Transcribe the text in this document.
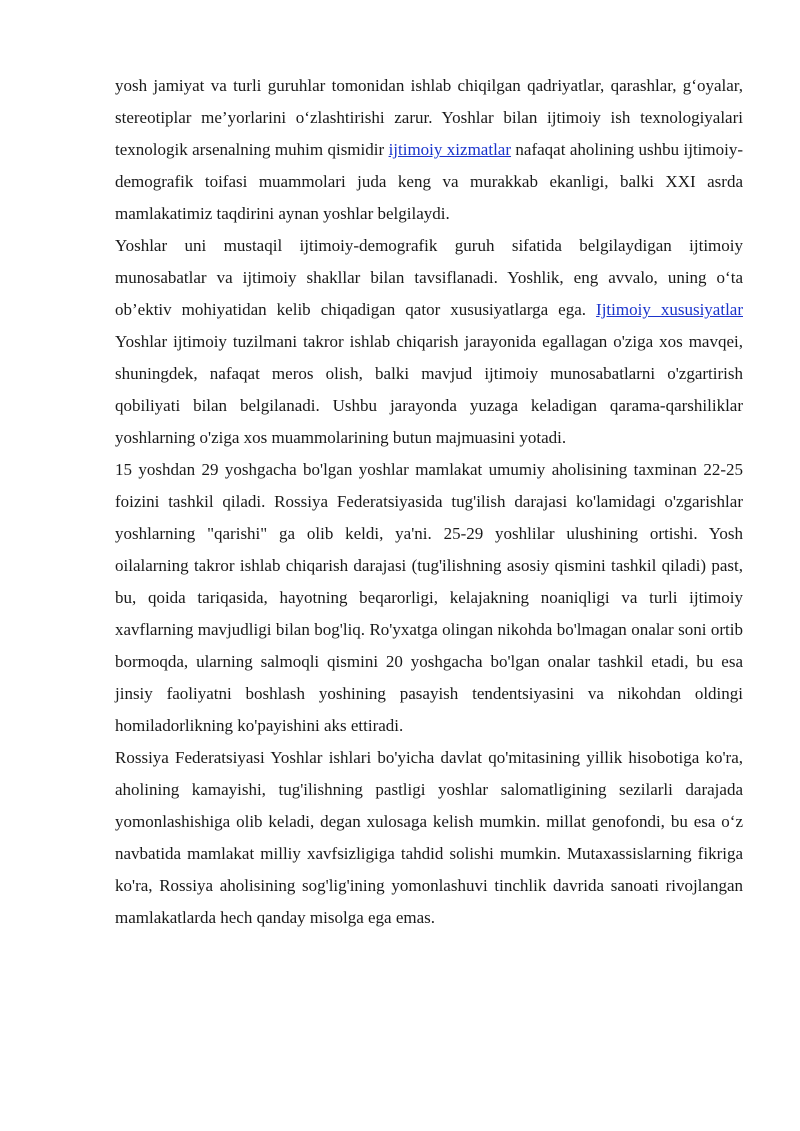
yosh jamiyat va turli guruhlar tomonidan ishlab chiqilgan qadriyatlar, qarashlar, g‘oyalar, stereotiplar me’yorlarini o‘zlashtirishi zarur. Yoshlar bilan ijtimoiy ish texnologiyalari texnologik arsenalning muhim qismidir ijtimoiy xizmatlar nafaqat aholining ushbu ijtimoiy-demografik toifasi muammolari juda keng va murakkab ekanligi, balki XXI asrda mamlakatimiz taqdirini aynan yoshlar belgilaydi.

Yoshlar uni mustaqil ijtimoiy-demografik guruh sifatida belgilaydigan ijtimoiy munosabatlar va ijtimoiy shakllar bilan tavsiflanadi. Yoshlik, eng avvalo, uning o‘ta ob’ektiv mohiyatidan kelib chiqadigan qator xususiyatlarga ega. Ijtimoiy xususiyatlar Yoshlar ijtimoiy tuzilmani takror ishlab chiqarish jarayonida egallagan o'ziga xos mavqei, shuningdek, nafaqat meros olish, balki mavjud ijtimoiy munosabatlarni o'zgartirish qobiliyati bilan belgilanadi. Ushbu jarayonda yuzaga keladigan qarama-qarshiliklar yoshlarning o'ziga xos muammolarining butun majmuasini yotadi.

15 yoshdan 29 yoshgacha bo'lgan yoshlar mamlakat umumiy aholisining taxminan 22-25 foizini tashkil qiladi. Rossiya Federatsiyasida tug'ilish darajasi ko'lamidagi o'zgarishlar yoshlarning "qarishi" ga olib keldi, ya'ni. 25-29 yoshlilar ulushining ortishi. Yosh oilalarning takror ishlab chiqarish darajasi (tug'ilishning asosiy qismini tashkil qiladi) past, bu, qoida tariqasida, hayotning beqarorligi, kelajakning noaniqligi va turli ijtimoiy xavflarning mavjudligi bilan bog'liq. Ro'yxatga olingan nikohda bo'lmagan onalar soni ortib bormoqda, ularning salmoqli qismini 20 yoshgacha bo'lgan onalar tashkil etadi, bu esa jinsiy faoliyatni boshlash yoshining pasayish tendentsiyasini va nikohdan oldingi homiladorlikning ko'payishini aks ettiradi.

Rossiya Federatsiyasi Yoshlar ishlari bo'yicha davlat qo'mitasining yillik hisobotiga ko'ra, aholining kamayishi, tug'ilishning pastligi yoshlar salomatligining sezilarli darajada yomonlashishiga olib keladi, degan xulosaga kelish mumkin. millat genofondi, bu esa o‘z navbatida mamlakat milliy xavfsizligiga tahdid solishi mumkin. Mutaxassislarning fikriga ko'ra, Rossiya aholisining sog'lig'ining yomonlashuvi tinchlik davrida sanoati rivojlangan mamlakatlarda hech qanday misolga ega emas.
